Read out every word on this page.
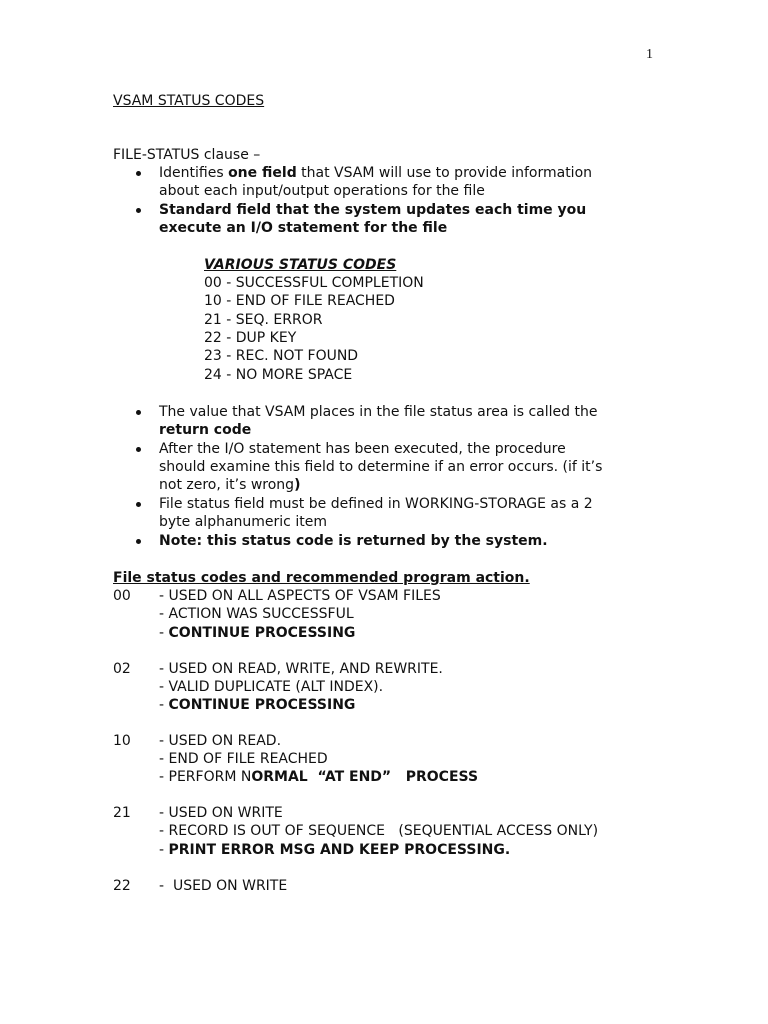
1
VSAM STATUS CODES
FILE-STATUS clause –
Identifies one field that VSAM will use to provide information
about each input/output operations for the file
Standard field that the system updates each time you
execute an I/O statement for the file
VARIOUS STATUS CODES
00 - SUCCESSFUL COMPLETION
10 - END OF FILE REACHED
21 - SEQ. ERROR
22 - DUP KEY
23 - REC. NOT FOUND
24 - NO MORE SPACE
The value that VSAM places in the file status area is called the
return code
After the I/O statement has been executed, the procedure
should examine this field to determine if an error occurs. (if it’s
not zero, it’s wrong)
File status field must be defined in WORKING-STORAGE as a 2
byte alphanumeric item
Note: this status code is returned by the system.
File status codes and recommended program action.
00 - USED ON ALL ASPECTS OF VSAM FILES
- ACTION WAS SUCCESSFUL
- CONTINUE PROCESSING
02 - USED ON READ, WRITE, AND REWRITE.
- VALID DUPLICATE (ALT INDEX).
- CONTINUE PROCESSING
10 - USED ON READ.
- END OF FILE REACHED
- PERFORM NORMAL  “AT END”   PROCESS
21 - USED ON WRITE
- RECORD IS OUT OF SEQUENCE   (SEQUENTIAL ACCESS ONLY)
- PRINT ERROR MSG AND KEEP PROCESSING.
22 -  USED ON WRITE
